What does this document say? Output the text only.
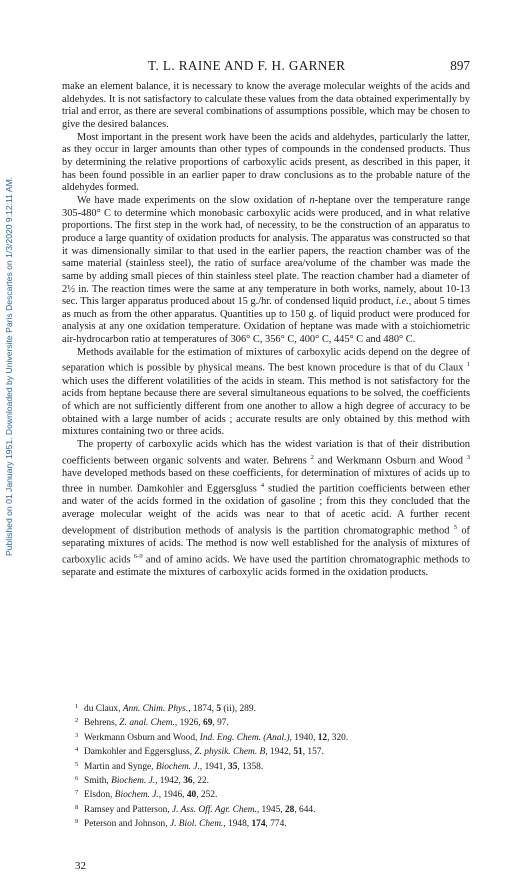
Published on 01 January 1951. Downloaded by Universite Paris Descartes on 1/3/2020 9:12:11 AM.
T. L. RAINE AND F. H. GARNER	897

make an element balance, it is necessary to know the average molecular weights of the acids and aldehydes. It is not satisfactory to calculate these values from the data obtained experimentally by trial and error, as there are several combinations of assumptions possible, which may be chosen to give the desired balances.

Most important in the present work have been the acids and aldehydes, particularly the latter, as they occur in larger amounts than other types of compounds in the condensed products. Thus by determining the relative proportions of carboxylic acids present, as described in this paper, it has been found possible in an earlier paper to draw conclusions as to the probable nature of the aldehydes formed.

We have made experiments on the slow oxidation of n-heptane over the temperature range 305-480° C to determine which monobasic carboxylic acids were produced, and in what relative proportions. The first step in the work had, of necessity, to be the construction of an apparatus to produce a large quantity of oxidation products for analysis. The apparatus was constructed so that it was dimensionally similar to that used in the earlier papers, the reaction chamber was of the same material (stainless steel), the ratio of surface area/volume of the chamber was made the same by adding small pieces of thin stainless steel plate. The reaction chamber had a diameter of 2½ in. The reaction times were the same at any temperature in both works, namely, about 10-13 sec. This larger apparatus produced about 15 g./hr. of condensed liquid product, i.e., about 5 times as much as from the other apparatus. Quantities up to 150 g. of liquid product were produced for analysis at any one oxidation temperature. Oxidation of heptane was made with a stoichiometric air-hydrocarbon ratio at temperatures of 306° C, 356° C, 400° C, 445° C and 480° C.

Methods available for the estimation of mixtures of carboxylic acids depend on the degree of separation which is possible by physical means. The best known procedure is that of du Claux $^1$ which uses the different volatilities of the acids in steam. This method is not satisfactory for the acids from heptane because there are several simultaneous equations to be solved, the coefficients of which are not sufficiently different from one another to allow a high degree of accuracy to be obtained with a large number of acids ; accurate results are only obtained by this method with mixtures containing two or three acids.

The property of carboxylic acids which has the widest variation is that of their distribution coefficients between organic solvents and water. Behrens $^2$ and Werkmann Osburn and Wood $^3$ have developed methods based on these coefficients, for determination of mixtures of acids up to three in number. Damkohler and Eggersgluss $^4$ studied the partition coefficients between ether and water of the acids formed in the oxidation of gasoline ; from this they concluded that the average molecular weight of the acids was near to that of acetic acid. A further recent development of distribution methods of analysis is the partition chromatographic method $^5$ of separating mixtures of acids. The method is now well established for the analysis of mixtures of carboxylic acids $^{6-9}$ and of amino acids. We have used the partition chromatographic methods to separate and estimate the mixtures of carboxylic acids formed in the oxidation products.

1 du Claux, Ann. Chim. Phys., 1874, 5 (ii), 289.
2 Behrens, Z. anal. Chem., 1926, 69, 97.
3 Werkmann Osburn and Wood, Ind. Eng. Chem. (Anal.), 1940, 12, 320.
4 Damkohler and Eggersgluss, Z. physik. Chem. B, 1942, 51, 157.
5 Martin and Synge, Biochem. J., 1941, 35, 1358.
6 Smith, Biochem. J., 1942, 36, 22.
7 Elsdon, Biochem. J., 1946, 40, 252.
8 Ramsey and Patterson, J. Ass. Off. Agr. Chem., 1945, 28, 644.
9 Peterson and Johnson, J. Biol. Chem., 1948, 174, 774.
32
